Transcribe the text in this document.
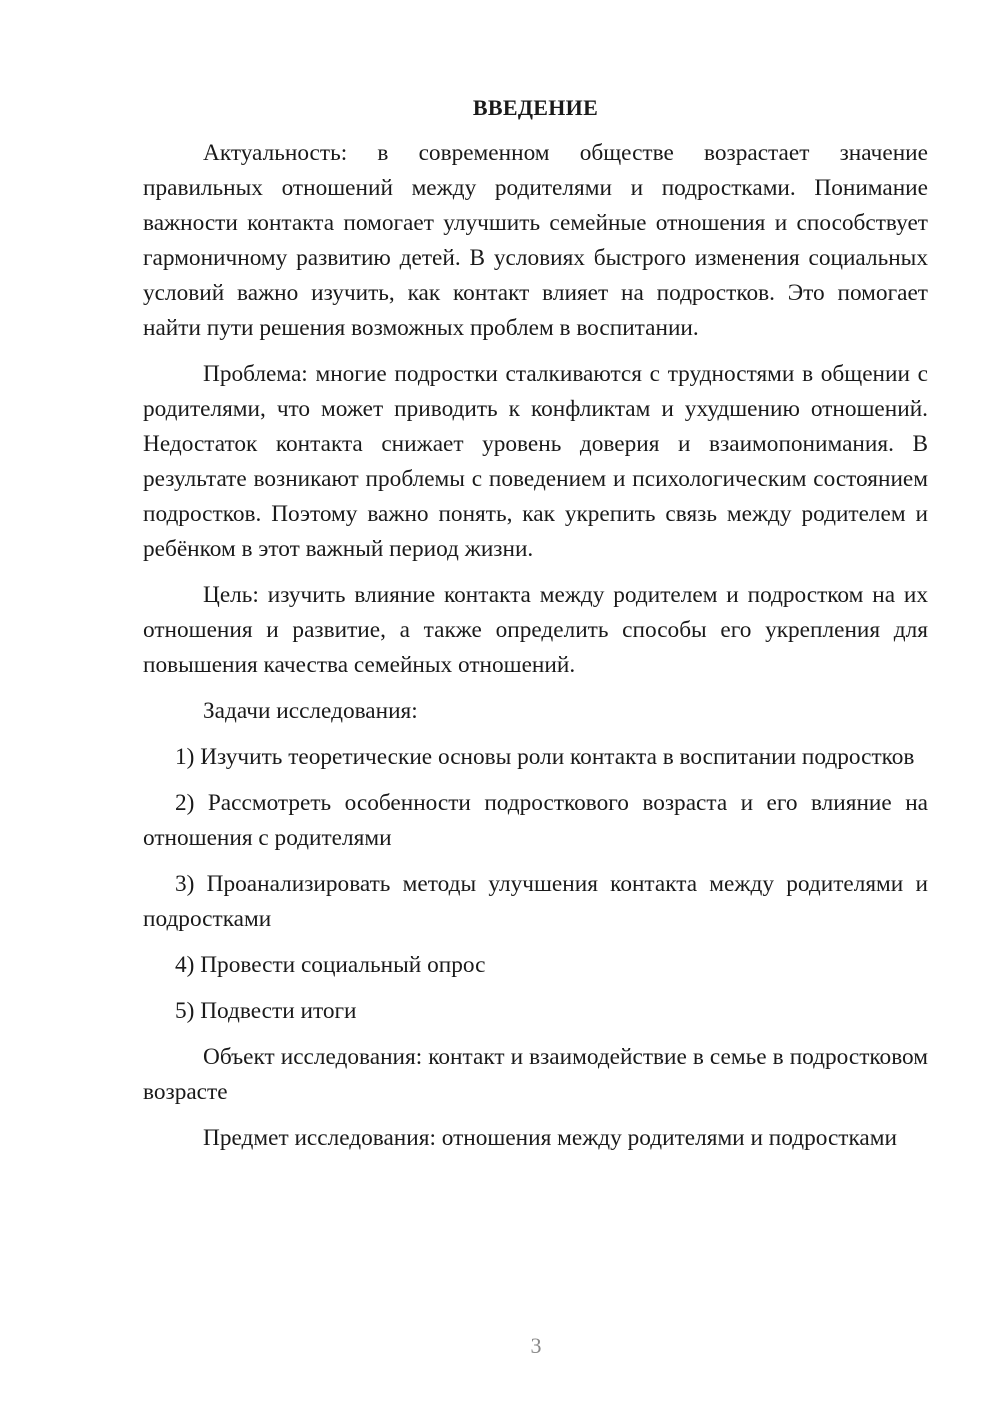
ВВЕДЕНИЕ

Актуальность: в современном обществе возрастает значение правильных отношений между родителями и подростками. Понимание важности контакта помогает улучшить семейные отношения и способствует гармоничному развитию детей. В условиях быстрого изменения социальных условий важно изучить, как контакт влияет на подростков. Это помогает найти пути решения возможных проблем в воспитании.

Проблема: многие подростки сталкиваются с трудностями в общении с родителями, что может приводить к конфликтам и ухудшению отношений. Недостаток контакта снижает уровень доверия и взаимопонимания. В результате возникают проблемы с поведением и психологическим состоянием подростков. Поэтому важно понять, как укрепить связь между родителем и ребёнком в этот важный период жизни.

Цель: изучить влияние контакта между родителем и подростком на их отношения и развитие, а также определить способы его укрепления для повышения качества семейных отношений.

Задачи исследования:

1) Изучить теоретические основы роли контакта в воспитании подростков

2) Рассмотреть особенности подросткового возраста и его влияние на отношения с родителями

3) Проанализировать методы улучшения контакта между родителями и подростками

4) Провести социальный опрос

5) Подвести итоги

Объект исследования: контакт и взаимодействие в семье в подростковом возрасте

Предмет исследования: отношения между родителями и подростками

3
